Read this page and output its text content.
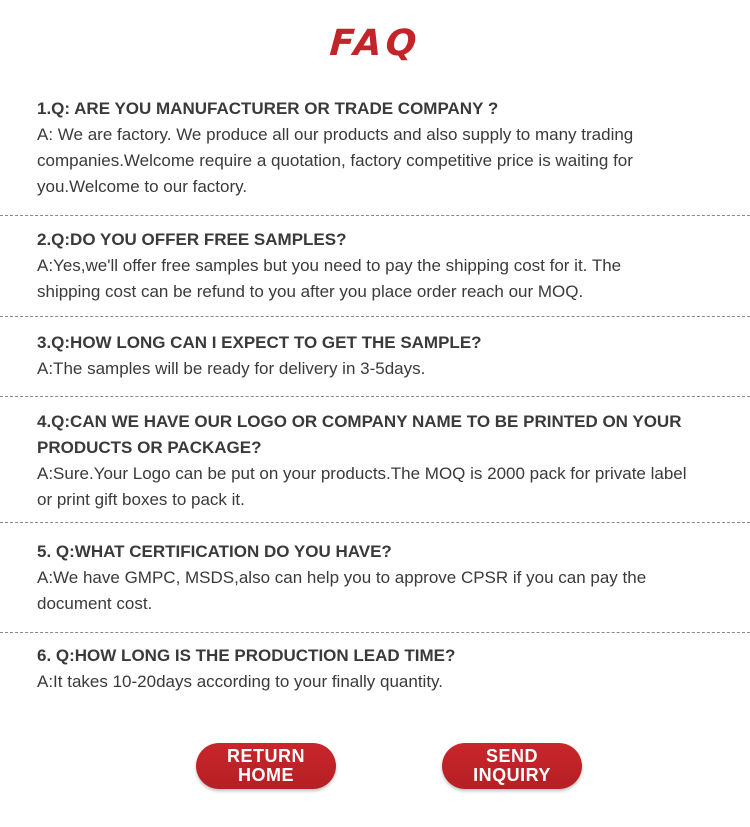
FAQ

1.Q: ARE YOU MANUFACTURER OR TRADE COMPANY ?

A: We are factory. We produce all our products and also supply to many trading companies.Welcome require a quotation, factory competitive price is waiting for you.Welcome to our factory.

2.Q:DO YOU OFFER FREE SAMPLES?

A:Yes,we'll offer free samples but you need to pay the shipping cost for it. The shipping cost can be refund to you after you place order reach our MOQ.

3.Q:HOW LONG CAN I EXPECT TO GET THE SAMPLE?

A:The samples will be ready for delivery in 3-5days.

4.Q:CAN WE HAVE OUR LOGO OR COMPANY NAME TO BE PRINTED ON YOUR PRODUCTS OR PACKAGE?

A:Sure.Your Logo can be put on your products.The MOQ is 2000 pack for private label or print gift boxes to pack it.

5. Q:WHAT CERTIFICATION DO YOU HAVE?

A:We have GMPC, MSDS,also can help you to approve CPSR if you can pay the document cost.

6. Q:HOW LONG IS THE PRODUCTION LEAD TIME?

A:It takes 10-20days according to your finally quantity.

RETURN
HOME
SEND
INQUIRY
